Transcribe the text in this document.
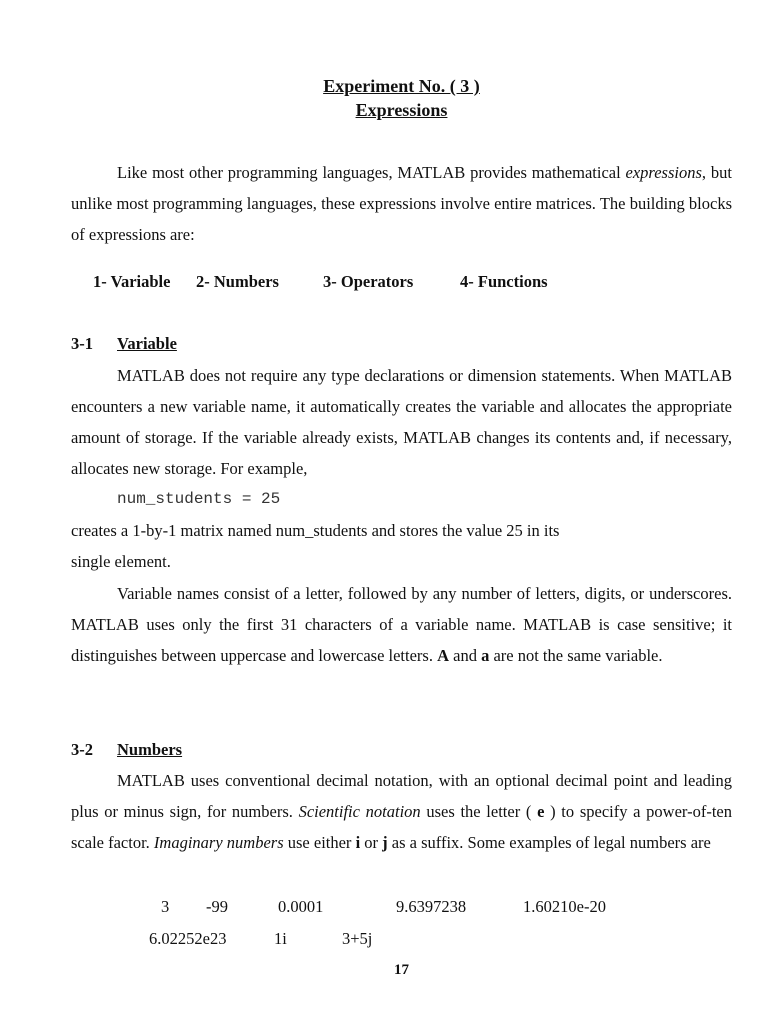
Experiment No. ( 3 )
Expressions
Like most other programming languages, MATLAB provides mathematical expressions, but unlike most programming languages, these expressions involve entire matrices. The building blocks of expressions are:
1- Variable 2- Numbers	3- Operators	4- Functions
3-1 Variable
MATLAB does not require any type declarations or dimension statements. When MATLAB encounters a new variable name, it automatically creates the variable and allocates the appropriate amount of storage. If the variable already exists, MATLAB changes its contents and, if necessary, allocates new storage. For example,
num_students = 25
creates a 1-by-1 matrix named num_students and stores the value 25 in its
single element.
Variable names consist of a letter, followed by any number of letters, digits, or underscores. MATLAB uses only the first 31 characters of a variable name. MATLAB is case sensitive; it distinguishes between uppercase and lowercase letters. A and a are not the same variable.
3-2 Numbers
MATLAB uses conventional decimal notation, with an optional decimal point and leading plus or minus sign, for numbers. Scientific notation uses the letter ( e ) to specify a power-of-ten scale factor. Imaginary numbers use either i or j as a suffix. Some examples of legal numbers are
3 -99	0.0001	9.6397238	1.60210e-20
6.02252e23	1i	3+5j
17
